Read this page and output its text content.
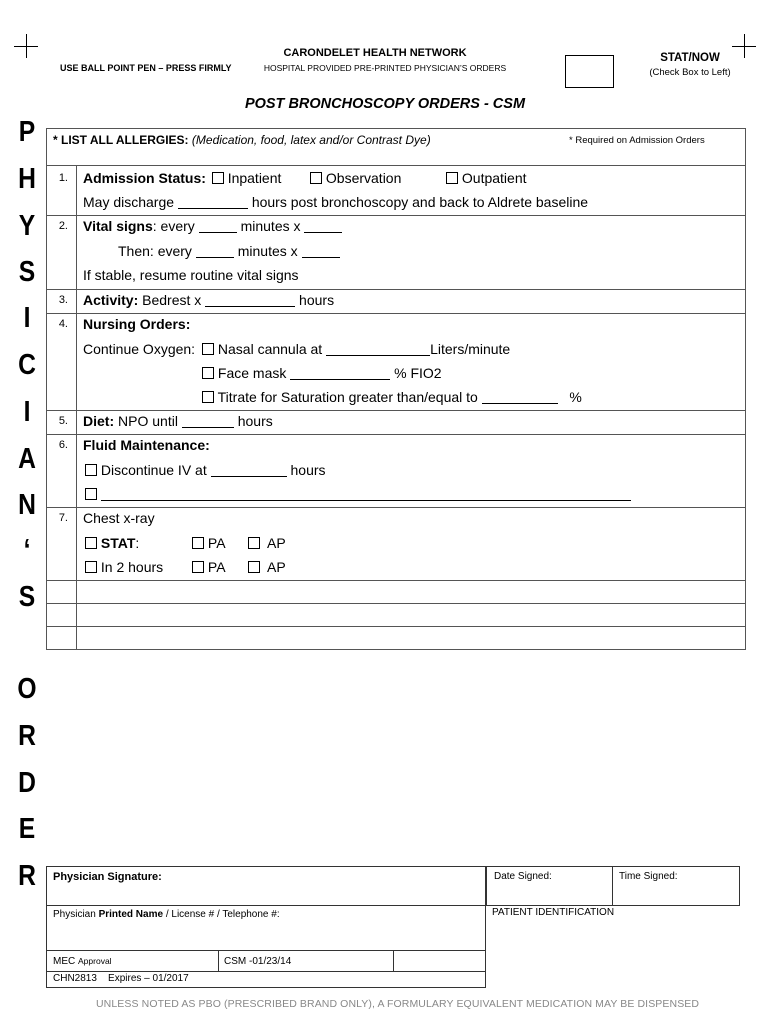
USE BALL POINT PEN – PRESS FIRMLY
CARONDELET HEALTH NETWORK
HOSPITAL PROVIDED PRE-PRINTED PHYSICIAN’S ORDERS
STAT/NOW
(Check Box to Left)
POST BRONCHOSCOPY ORDERS - CSM
P
H
Y
S
I
C
I
A
N
‘
S
O
R
D
E
R
* LIST ALL ALLERGIES: (Medication, food, latex and/or Contrast Dye)	* Required on Admission Orders
1. Admission Status: Inpatient	Observation	Outpatient
May discharge	hours post bronchoscopy and back to Aldrete baseline
2. Vital signs: every	minutes x
Then: every	minutes x
If stable, resume routine vital signs
3. Activity: Bedrest x	hours
4. Nursing Orders:
Continue Oxygen:	Nasal cannula at	Liters/minute
Face mask	% FIO2
Titrate for Saturation greater than/equal to	%
5. Diet: NPO until	hours
6. Fluid Maintenance:
Discontinue IV at	hours

7. Chest x-ray
STAT:	PA	AP
In 2 hours	PA	AP
Physician Signature:	Date Signed:	Time Signed:
Physician Printed Name / License # / Telephone #:	PATIENT IDENTIFICATION
MEC Approval	CSM -01/23/14
CHN2813 Expires – 01/2017
UNLESS NOTED AS PBO (PRESCRIBED BRAND ONLY), A FORMULARY EQUIVALENT MEDICATION MAY BE DISPENSED
